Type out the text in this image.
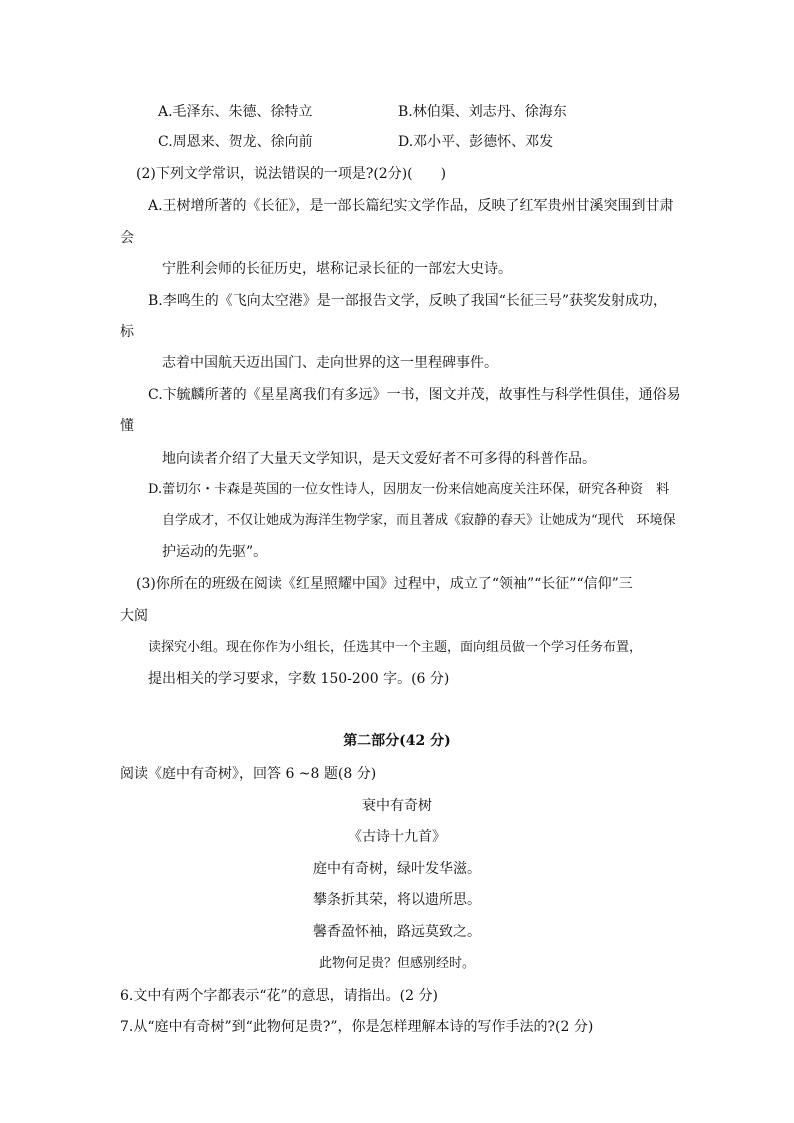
A.毛泽东、朱德、徐特立	B.林伯渠、刘志丹、徐海东
C.周恩来、贺龙、徐向前	D.邓小平、彭德怀、邓发
(2)下列文学常识，说法错误的一项是?(2分)(　　)
A.王树增所著的《长征》，是一部长篇纪实文学作品，反映了红军贵州甘溪突围到甘肃
会
宁胜利会师的长征历史，堪称记录长征的一部宏大史诗。
B.李鸣生的《飞向太空港》是一部报告文学，反映了我国“长征三号”获奖发射成功，
标
志着中国航天迈出国门、走向世界的这一里程碑事件。
C.卞毓麟所著的《星星离我们有多远》一书，图文并茂，故事性与科学性俱佳，通俗易
懂
地向读者介绍了大量天文学知识，是天文爱好者不可多得的科普作品。
D.蕾切尔・卡森是英国的一位女性诗人，因朋友一份来信她高度关注环保，研究各种资　料
自学成才，不仅让她成为海洋生物学家，而且著成《寂静的春天》让她成为“现代　环境保
护运动的先驱”。
(3)你所在的班级在阅读《红星照耀中国》过程中，成立了“领袖”“长征”“信仰”三
大阅
读探究小组。现在你作为小组长，任选其中一个主题，面向组员做一个学习任务布置，
提出相关的学习要求，字数 150-200 字。(6 分)
第二部分(42 分)
阅读《庭中有奇树》，回答 6 ~8 题(8 分)
衰中有奇树
《古诗十九首》
庭中有奇树，绿叶发华滋。
攀条折其荣，将以遗所思。
馨香盈怀袖，路远莫致之。
此物何足贵？但感别经时。
6.文中有两个字都表示“花”的意思，请指出。(2 分)
7.从“庭中有奇树”到“此物何足贵?”，你是怎样理解本诗的写作手法的?(2 分)
